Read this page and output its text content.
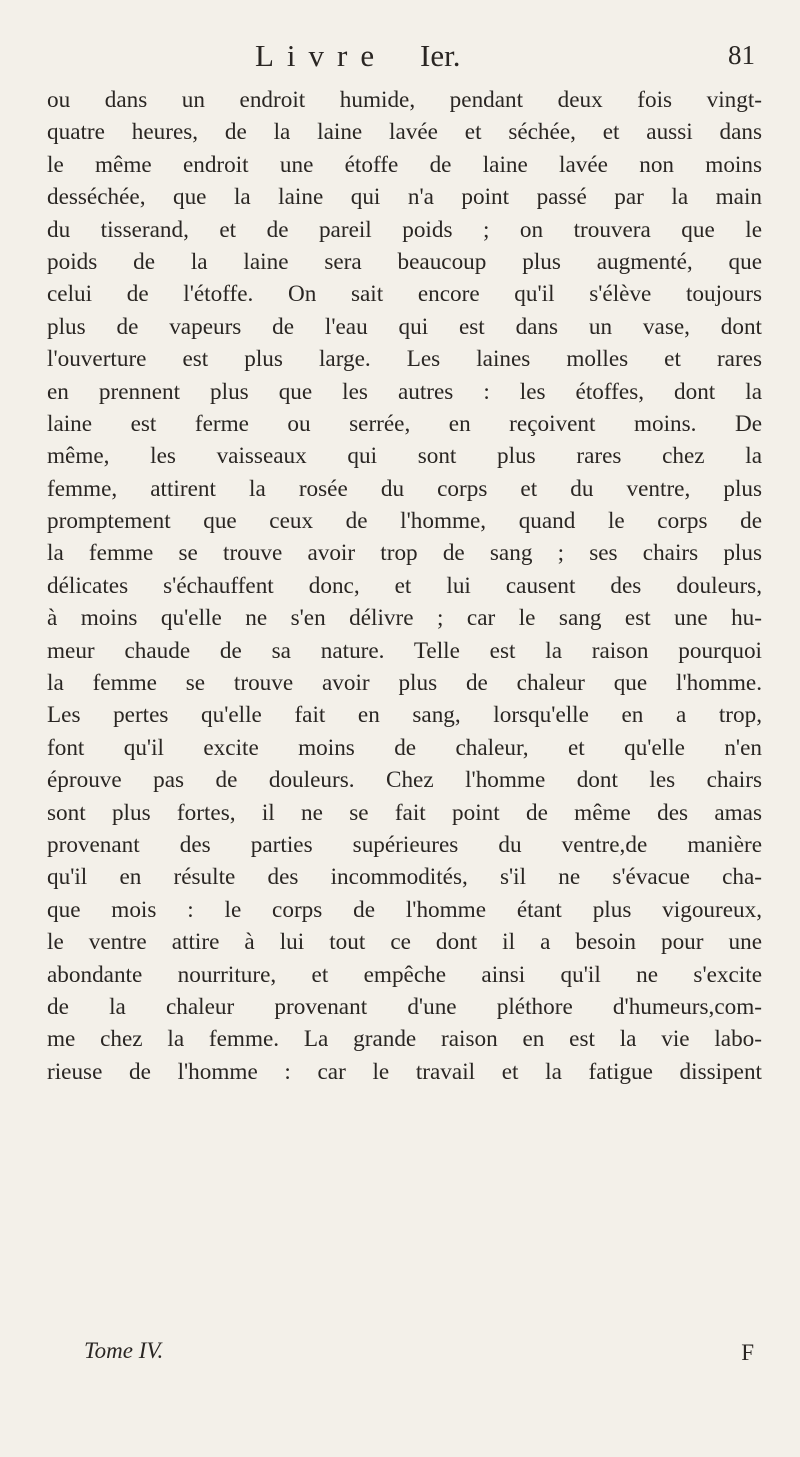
Livre Ier.	81
ou dans un endroit humide, pendant deux fois vingt-
quatre heures, de la laine lavée et séchée, et aussi dans
le même endroit une étoffe de laine lavée non moins
desséchée, que la laine qui n'a point passé par la main
du tisserand, et de pareil poids ; on trouvera que le
poids de la laine sera beaucoup plus augmenté, que
celui de l'étoffe. On sait encore qu'il s'élève toujours
plus de vapeurs de l'eau qui est dans un vase, dont
l'ouverture est plus large. Les laines molles et rares
en prennent plus que les autres : les étoffes, dont la
laine est ferme ou serrée, en reçoivent moins. De
même, les vaisseaux qui sont plus rares chez la
femme, attirent la rosée du corps et du ventre, plus
promptement que ceux de l'homme, quand le corps de
la femme se trouve avoir trop de sang ; ses chairs plus
délicates s'échauffent donc, et lui causent des douleurs,
à moins qu'elle ne s'en délivre ; car le sang est une hu-
meur chaude de sa nature. Telle est la raison pourquoi
la femme se trouve avoir plus de chaleur que l'homme.
Les pertes qu'elle fait en sang, lorsqu'elle en a trop,
font qu'il excite moins de chaleur, et qu'elle n'en
éprouve pas de douleurs. Chez l'homme dont les chairs
sont plus fortes, il ne se fait point de même des amas
provenant des parties supérieures du ventre,de manière
qu'il en résulte des incommodités, s'il ne s'évacue cha-
que mois : le corps de l'homme étant plus vigoureux,
le ventre attire à lui tout ce dont il a besoin pour une
abondante nourriture, et empêche ainsi qu'il ne s'excite
de la chaleur provenant d'une pléthore d'humeurs,com-
me chez la femme. La grande raison en est la vie labo-
rieuse de l'homme : car le travail et la fatigue dissipent
Tome IV.	F
